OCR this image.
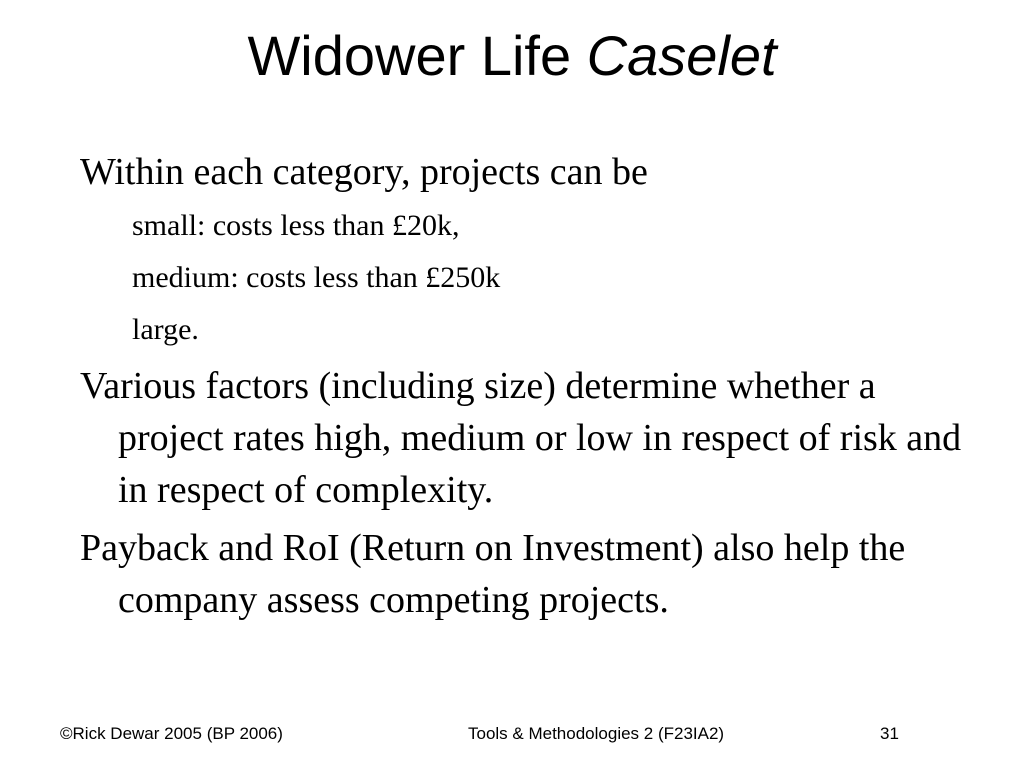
Widower Life Caselet

Within each category, projects can be

small: costs less than £20k,

medium: costs less than £250k

large.

Various factors (including size) determine whether a project rates high, medium or low in respect of risk and in respect of complexity.

Payback and RoI (Return on Investment) also help the company assess competing projects.

©Rick Dewar 2005 (BP 2006)	Tools & Methodologies 2 (F23IA2)	31
